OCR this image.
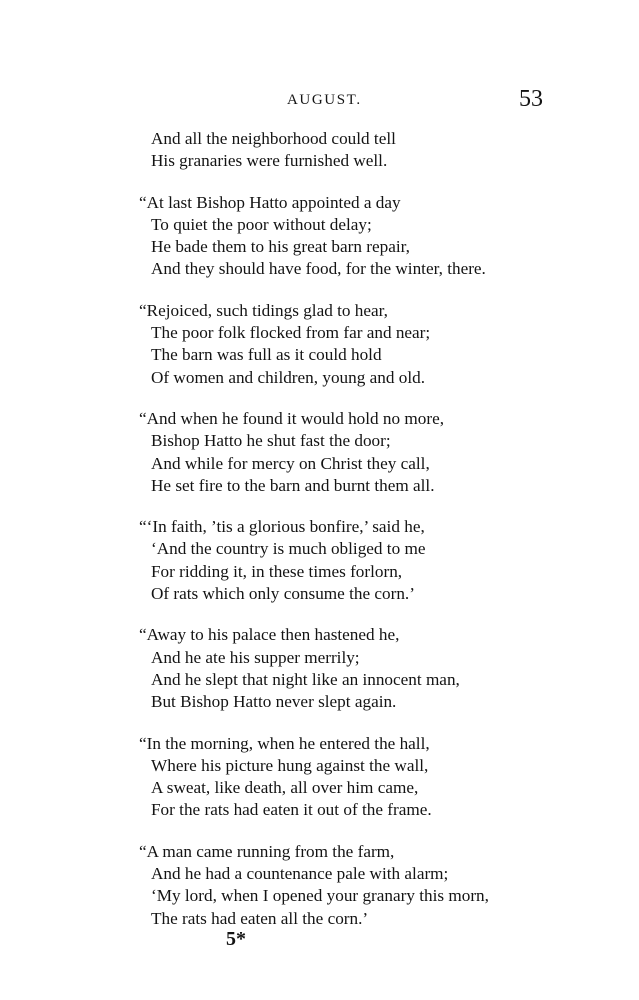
AUGUST.	53
And all the neighborhood could tell
His granaries were furnished well.
“At last Bishop Hatto appointed a day
To quiet the poor without delay;
He bade them to his great barn repair,
And they should have food, for the winter, there.
“Rejoiced, such tidings glad to hear,
The poor folk flocked from far and near;
The barn was full as it could hold
Of women and children, young and old.
“And when he found it would hold no more,
Bishop Hatto he shut fast the door;
And while for mercy on Christ they call,
He set fire to the barn and burnt them all.
“‘In faith, ’tis a glorious bonfire,’ said he,
‘And the country is much obliged to me
For ridding it, in these times forlorn,
Of rats which only consume the corn.’
“Away to his palace then hastened he,
And he ate his supper merrily;
And he slept that night like an innocent man,
But Bishop Hatto never slept again.
“In the morning, when he entered the hall,
Where his picture hung against the wall,
A sweat, like death, all over him came,
For the rats had eaten it out of the frame.
“A man came running from the farm,
And he had a countenance pale with alarm;
‘My lord, when I opened your granary this morn,
The rats had eaten all the corn.’
5*
